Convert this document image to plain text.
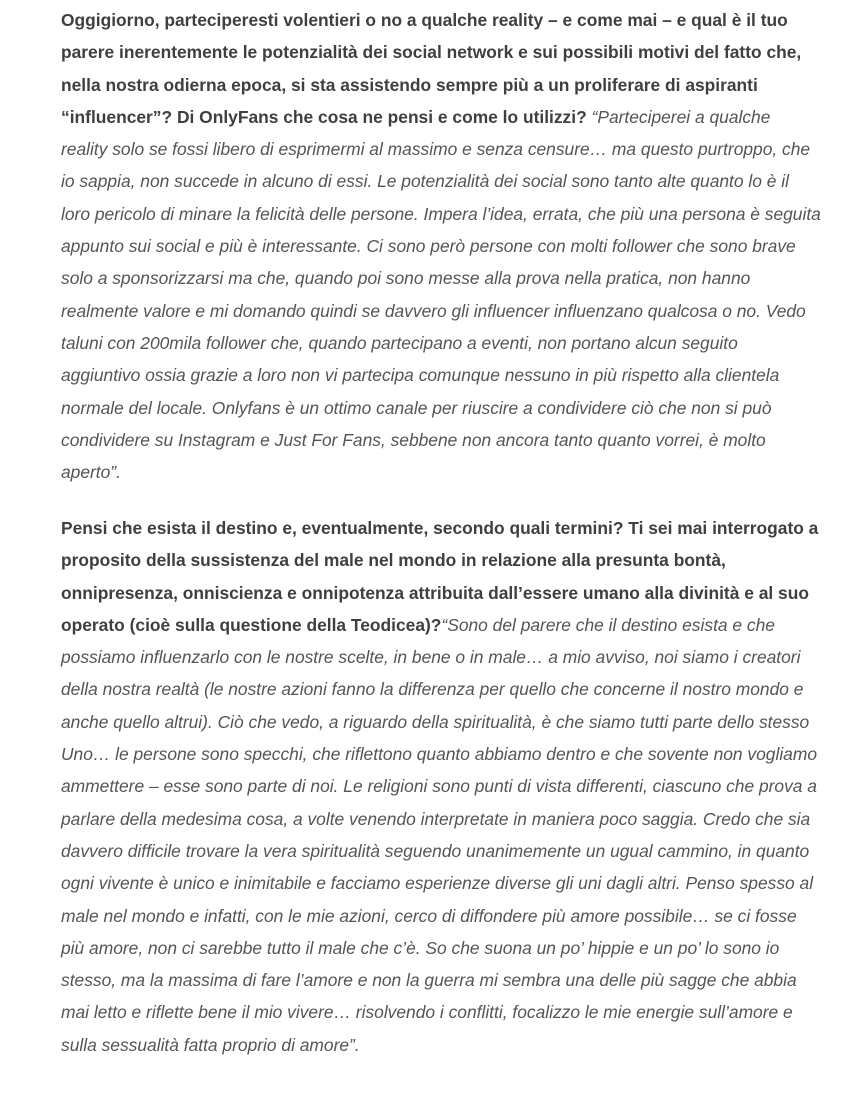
Oggigiorno, parteciperesti volentieri o no a qualche reality – e come mai – e qual è il tuo parere inerentemente le potenzialità dei social network e sui possibili motivi del fatto che, nella nostra odierna epoca, si sta assistendo sempre più a un proliferare di aspiranti “influencer”? Di OnlyFans che cosa ne pensi e come lo utilizzi? “Parteciperei a qualche reality solo se fossi libero di esprimermi al massimo e senza censure… ma questo purtroppo, che io sappia, non succede in alcuno di essi. Le potenzialità dei social sono tanto alte quanto lo è il loro pericolo di minare la felicità delle persone. Impera l’idea, errata, che più una persona è seguita appunto sui social e più è interessante. Ci sono però persone con molti follower che sono brave solo a sponsorizzarsi ma che, quando poi sono messe alla prova nella pratica, non hanno realmente valore e mi domando quindi se davvero gli influencer influenzano qualcosa o no. Vedo taluni con 200mila follower che, quando partecipano a eventi, non portano alcun seguito aggiuntivo ossia grazie a loro non vi partecipa comunque nessuno in più rispetto alla clientela normale del locale. Onlyfans è un ottimo canale per riuscire a condividere ciò che non si può condividere su Instagram e Just For Fans, sebbene non ancora tanto quanto vorrei, è molto aperto”.

Pensi che esista il destino e, eventualmente, secondo quali termini? Ti sei mai interrogato a proposito della sussistenza del male nel mondo in relazione alla presunta bontà, onnipresenza, onniscienza e onnipotenza attribuita dall’essere umano alla divinità e al suo operato (cioè sulla questione della Teodicea)?“Sono del parere che il destino esista e che possiamo influenzarlo con le nostre scelte, in bene o in male… a mio avviso, noi siamo i creatori della nostra realtà (le nostre azioni fanno la differenza per quello che concerne il nostro mondo e anche quello altrui). Ciò che vedo, a riguardo della spiritualità, è che siamo tutti parte dello stesso Uno… le persone sono specchi, che riflettono quanto abbiamo dentro e che sovente non vogliamo ammettere – esse sono parte di noi. Le religioni sono punti di vista differenti, ciascuno che prova a parlare della medesima cosa, a volte venendo interpretate in maniera poco saggia. Credo che sia davvero difficile trovare la vera spiritualità seguendo unanimemente un ugual cammino, in quanto ogni vivente è unico e inimitabile e facciamo esperienze diverse gli uni dagli altri. Penso spesso al male nel mondo e infatti, con le mie azioni, cerco di diffondere più amore possibile… se ci fosse più amore, non ci sarebbe tutto il male che c’è. So che suona un po’ hippie e un po’ lo sono io stesso, ma la massima di fare l’amore e non la guerra mi sembra una delle più sagge che abbia mai letto e riflette bene il mio vivere… risolvendo i conflitti, focalizzo le mie energie sull’amore e sulla sessualità fatta proprio di amore”.
